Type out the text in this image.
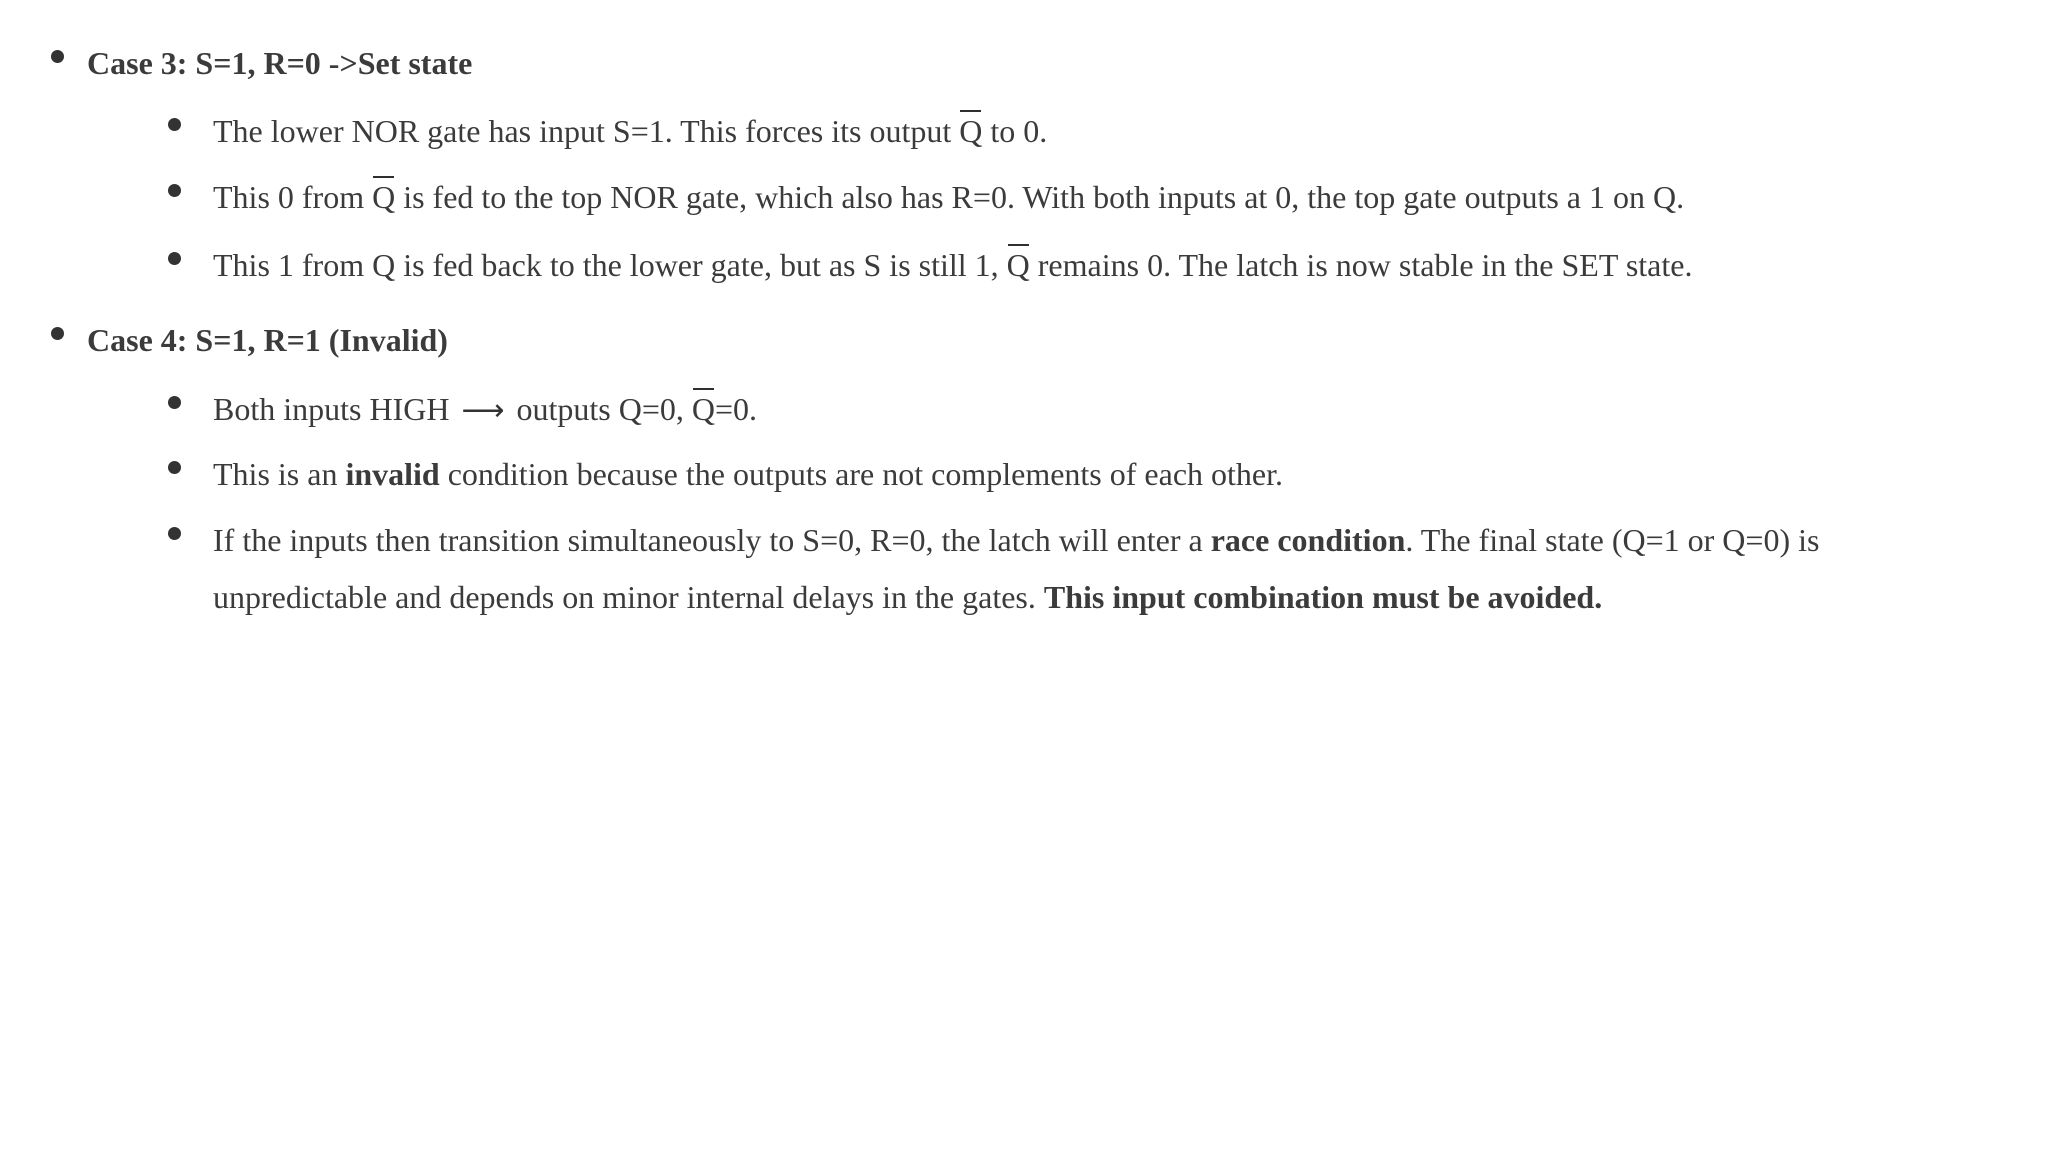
Case 3: S=1, R=0 ->Set state
The lower NOR gate has input S=1. This forces its output Q to 0.
This 0 from Q is fed to the top NOR gate, which also has R=0. With both inputs at 0, the top gate outputs a 1 on Q.
This 1 from Q is fed back to the lower gate, but as S is still 1, Q remains 0. The latch is now stable in the SET state.
Case 4: S=1, R=1 (Invalid)
Both inputs HIGH ⟶ outputs Q=0, Q=0.
This is an invalid condition because the outputs are not complements of each other.
If the inputs then transition simultaneously to S=0, R=0, the latch will enter a race condition. The final state (Q=1 or Q=0) is
unpredictable and depends on minor internal delays in the gates. This input combination must be avoided.
